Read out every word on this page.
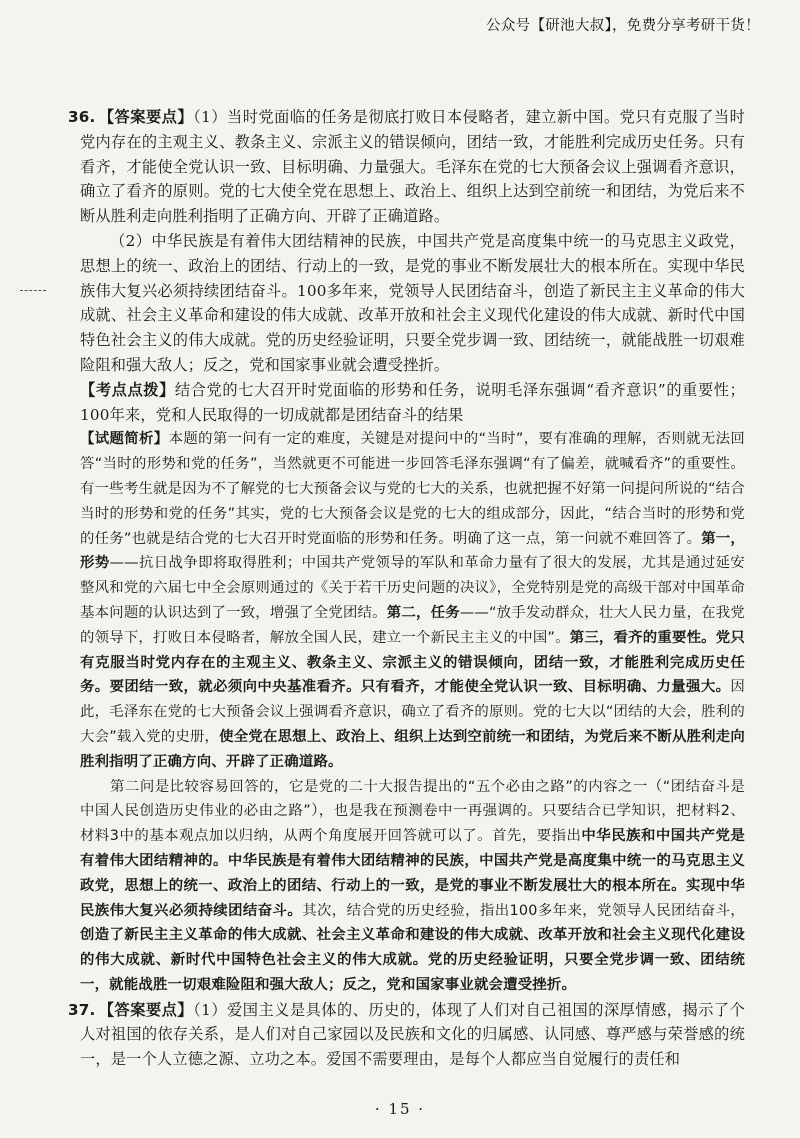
公众号【研池大叔】，免费分享考研干货！

36. 【答案要点】（1）当时党面临的任务是彻底打败日本侵略者，建立新中国。党只有克服了当时党内存在的主观主义、教条主义、宗派主义的错误倾向，团结一致，才能胜利完成历史任务。只有看齐，才能使全党认识一致、目标明确、力量强大。毛泽东在党的七大预备会议上强调看齐意识，确立了看齐的原则。党的七大使全党在思想上、政治上、组织上达到空前统一和团结，为党后来不断从胜利走向胜利指明了正确方向、开辟了正确道路。

（2）中华民族是有着伟大团结精神的民族，中国共产党是高度集中统一的马克思主义政党，思想上的统一、政治上的团结、行动上的一致，是党的事业不断发展壮大的根本所在。实现中华民族伟大复兴必须持续团结奋斗。100多年来，党领导人民团结奋斗，创造了新民主主义革命的伟大成就、社会主义革命和建设的伟大成就、改革开放和社会主义现代化建设的伟大成就、新时代中国特色社会主义的伟大成就。党的历史经验证明，只要全党步调一致、团结统一，就能战胜一切艰难险阻和强大敌人；反之，党和国家事业就会遭受挫折。

【考点点拨】结合党的七大召开时党面临的形势和任务，说明毛泽东强调“看齐意识”的重要性；100年来，党和人民取得的一切成就都是团结奋斗的结果

【试题简析】本题的第一问有一定的难度，关键是对提问中的“当时”，要有准确的理解，否则就无法回答“当时的形势和党的任务”，当然就更不可能进一步回答毛泽东强调“有了偏差，就喊看齐”的重要性。有一些考生就是因为不了解党的七大预备会议与党的七大的关系，也就把握不好第一问提问所说的“结合当时的形势和党的任务”其实，党的七大预备会议是党的七大的组成部分，因此，“结合当时的形势和党的任务”也就是结合党的七大召开时党面临的形势和任务。明确了这一点，第一问就不难回答了。第一，形势——抗日战争即将取得胜利；中国共产党领导的军队和革命力量有了很大的发展，尤其是通过延安整风和党的六届七中全会原则通过的《关于若干历史问题的决议》，全党特别是党的高级干部对中国革命基本问题的认识达到了一致，增强了全党团结。第二，任务——“放手发动群众，壮大人民力量，在我党的领导下，打败日本侵略者，解放全国人民，建立一个新民主主义的中国”。第三，看齐的重要性。党只有克服当时党内存在的主观主义、教条主义、宗派主义的错误倾向，团结一致，才能胜利完成历史任务。要团结一致，就必须向中央基准看齐。只有看齐，才能使全党认识一致、目标明确、力量强大。因此，毛泽东在党的七大预备会议上强调看齐意识，确立了看齐的原则。党的七大以“团结的大会，胜利的大会”载入党的史册，使全党在思想上、政治上、组织上达到空前统一和团结，为党后来不断从胜利走向胜利指明了正确方向、开辟了正确道路。

第二问是比较容易回答的，它是党的二十大报告提出的“五个必由之路”的内容之一（“团结奋斗是中国人民创造历史伟业的必由之路”），也是我在预测卷中一再强调的。只要结合已学知识，把材料2、材料3中的基本观点加以归纳，从两个角度展开回答就可以了。首先，要指出中华民族和中国共产党是有着伟大团结精神的。中华民族是有着伟大团结精神的民族，中国共产党是高度集中统一的马克思主义政党，思想上的统一、政治上的团结、行动上的一致，是党的事业不断发展壮大的根本所在。实现中华民族伟大复兴必须持续团结奋斗。其次，结合党的历史经验，指出100多年来，党领导人民团结奋斗，创造了新民主主义革命的伟大成就、社会主义革命和建设的伟大成就、改革开放和社会主义现代化建设的伟大成就、新时代中国特色社会主义的伟大成就。党的历史经验证明，只要全党步调一致、团结统一，就能战胜一切艰难险阻和强大敌人；反之，党和国家事业就会遭受挫折。

37. 【答案要点】（1）爱国主义是具体的、历史的，体现了人们对自己祖国的深厚情感，揭示了个人对祖国的依存关系，是人们对自己家园以及民族和文化的归属感、认同感、尊严感与荣誉感的统一，是一个人立德之源、立功之本。爱国不需要理由，是每个人都应当自觉履行的责任和

· 15 ·
